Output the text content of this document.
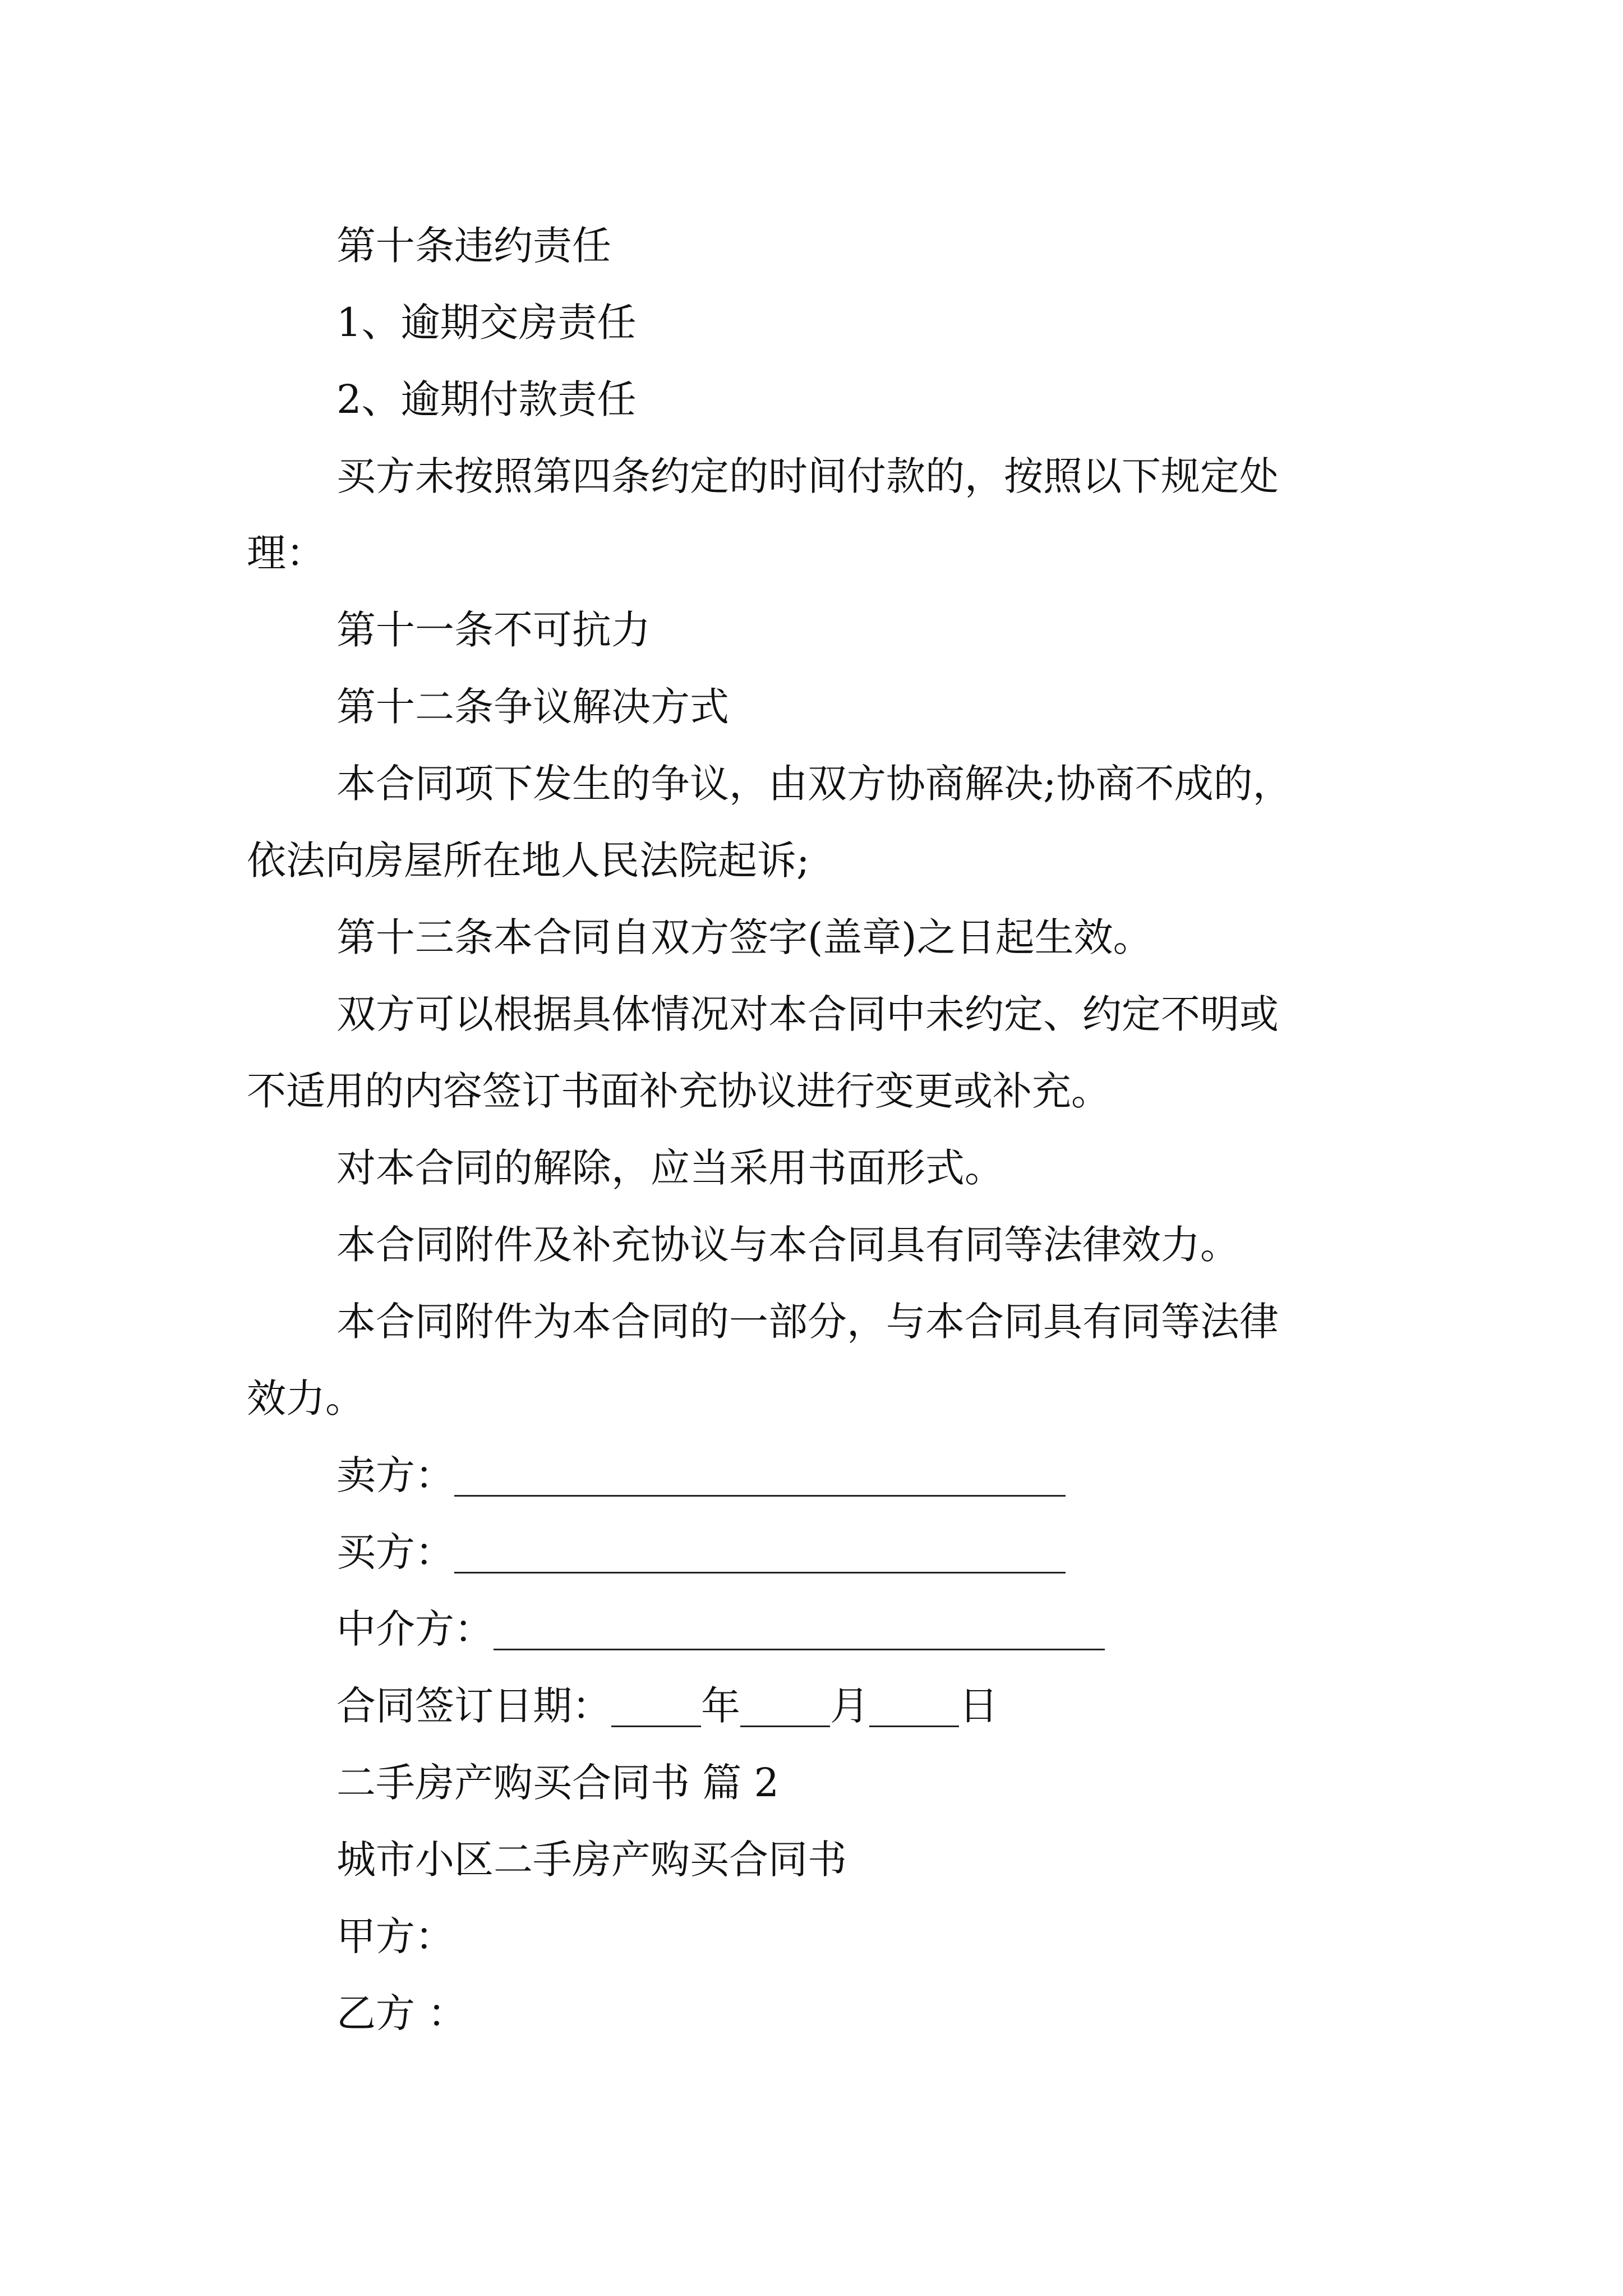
第十条违约责任

1、逾期交房责任

2、逾期付款责任

买方未按照第四条约定的时间付款的，按照以下规定处

理：

第十一条不可抗力

第十二条争议解决方式

本合同项下发生的争议，由双方协商解决;协商不成的，

依法向房屋所在地人民法院起诉;

第十三条本合同自双方签字(盖章)之日起生效。

双方可以根据具体情况对本合同中未约定、约定不明或

不适用的内容签订书面补充协议进行变更或补充。

对本合同的解除，应当采用书面形式。

本合同附件及补充协议与本合同具有同等法律效力。

本合同附件为本合同的一部分，与本合同具有同等法律

效力。

卖方：

买方：

中介方：

合同签订日期： 年 月 日

二手房产购买合同书 篇 2

城市小区二手房产购买合同书

甲方：

乙方 ：
